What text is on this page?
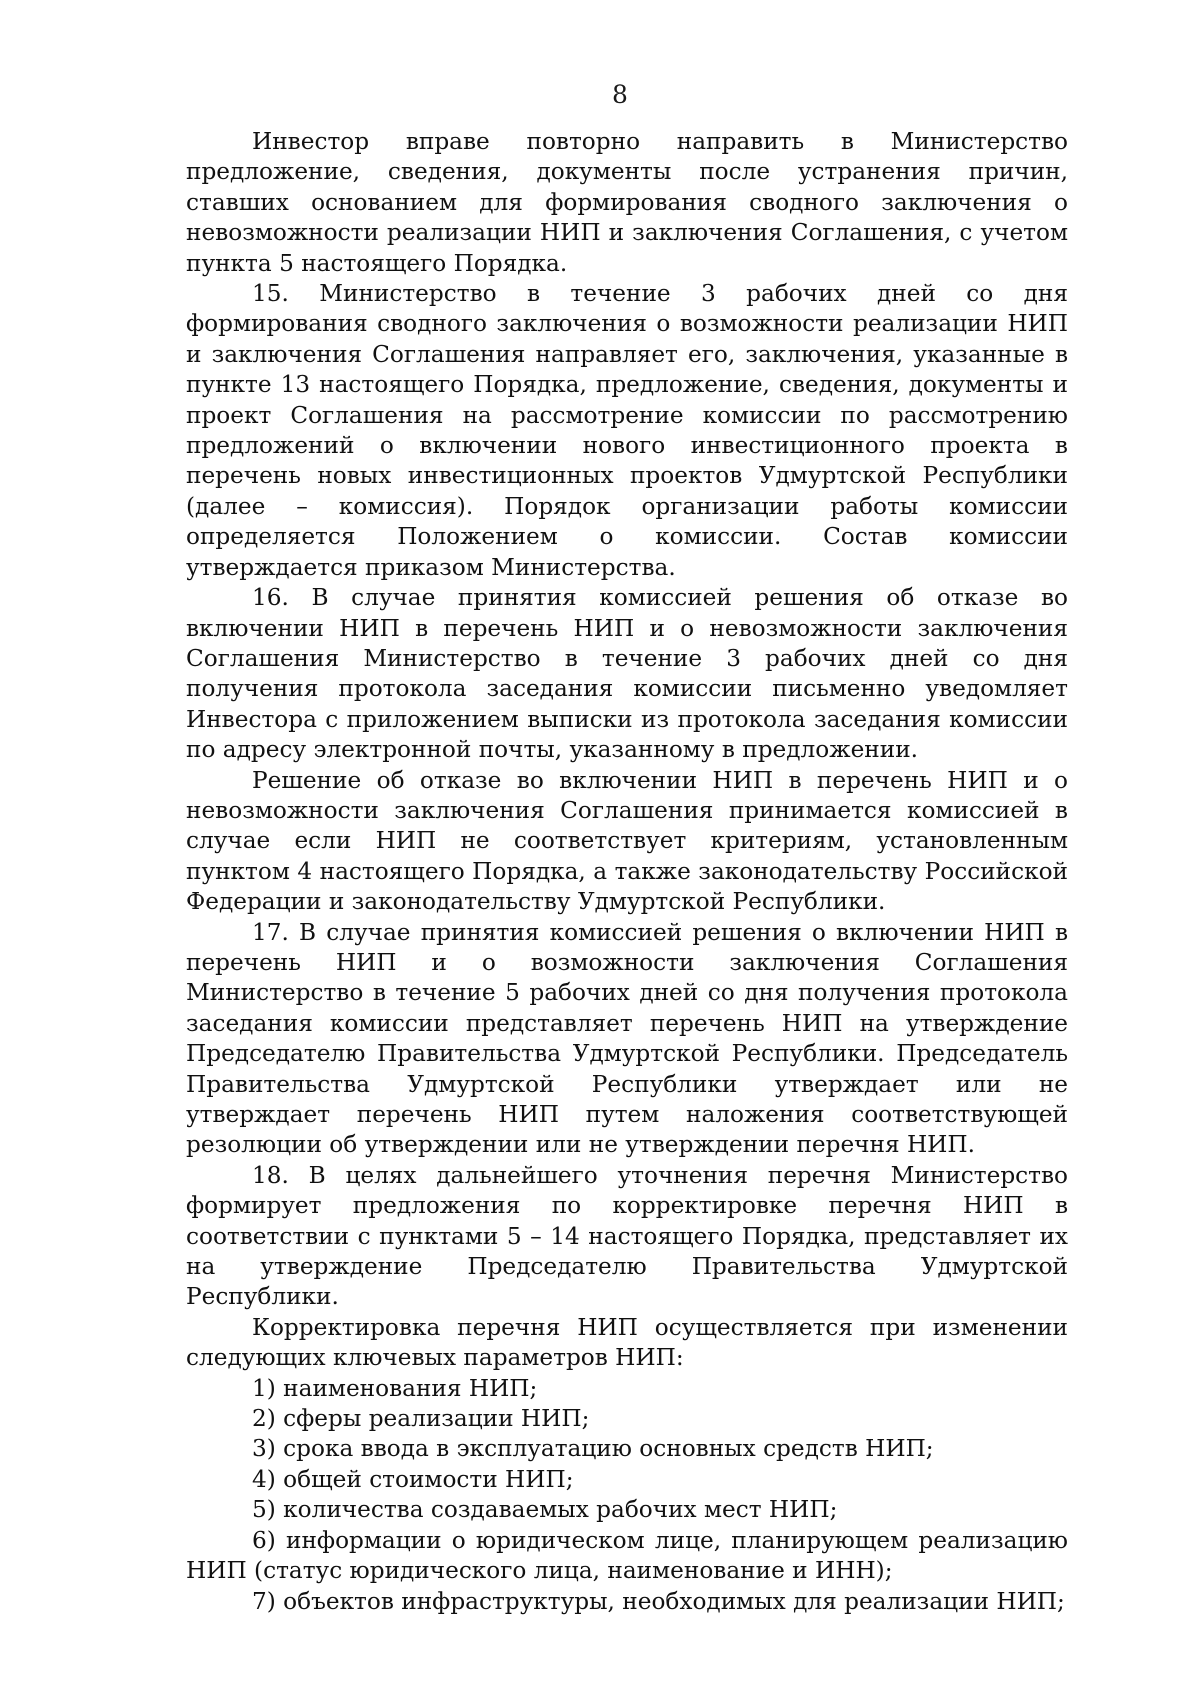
8

Инвестор вправе повторно направить в Министерство предложение, сведения, документы после устранения причин, ставших основанием для формирования сводного заключения о невозможности реализации НИП и заключения Соглашения, с учетом пункта 5 настоящего Порядка.

15. Министерство в течение 3 рабочих дней со дня формирования сводного заключения о возможности реализации НИП и заключения Соглашения направляет его, заключения, указанные в пункте 13 настоящего Порядка, предложение, сведения, документы и проект Соглашения на рассмотрение комиссии по рассмотрению предложений о включении нового инвестиционного проекта в перечень новых инвестиционных проектов Удмуртской Республики (далее – комиссия). Порядок организации работы комиссии определяется Положением о комиссии. Состав комиссии утверждается приказом Министерства.

16. В случае принятия комиссией решения об отказе во включении НИП в перечень НИП и о невозможности заключения Соглашения Министерство в течение 3 рабочих дней со дня получения протокола заседания комиссии письменно уведомляет Инвестора с приложением выписки из протокола заседания комиссии по адресу электронной почты, указанному в предложении.

Решение об отказе во включении НИП в перечень НИП и о невозможности заключения Соглашения принимается комиссией в случае если НИП не соответствует критериям, установленным пунктом 4 настоящего Порядка, а также законодательству Российской Федерации и законодательству Удмуртской Республики.

17. В случае принятия комиссией решения о включении НИП в перечень НИП и о возможности заключения Соглашения Министерство в течение 5 рабочих дней со дня получения протокола заседания комиссии представляет перечень НИП на утверждение Председателю Правительства Удмуртской Республики. Председатель Правительства Удмуртской Республики утверждает или не утверждает перечень НИП путем наложения соответствующей резолюции об утверждении или не утверждении перечня НИП.

18. В целях дальнейшего уточнения перечня Министерство формирует предложения по корректировке перечня НИП в соответствии с пунктами 5 – 14 настоящего Порядка, представляет их на утверждение Председателю Правительства Удмуртской Республики.

Корректировка перечня НИП осуществляется при изменении следующих ключевых параметров НИП:

1) наименования НИП;

2) сферы реализации НИП;

3) срока ввода в эксплуатацию основных средств НИП;

4) общей стоимости НИП;

5) количества создаваемых рабочих мест НИП;

6) информации о юридическом лице, планирующем реализацию НИП (статус юридического лица, наименование и ИНН);

7) объектов инфраструктуры, необходимых для реализации НИП;
